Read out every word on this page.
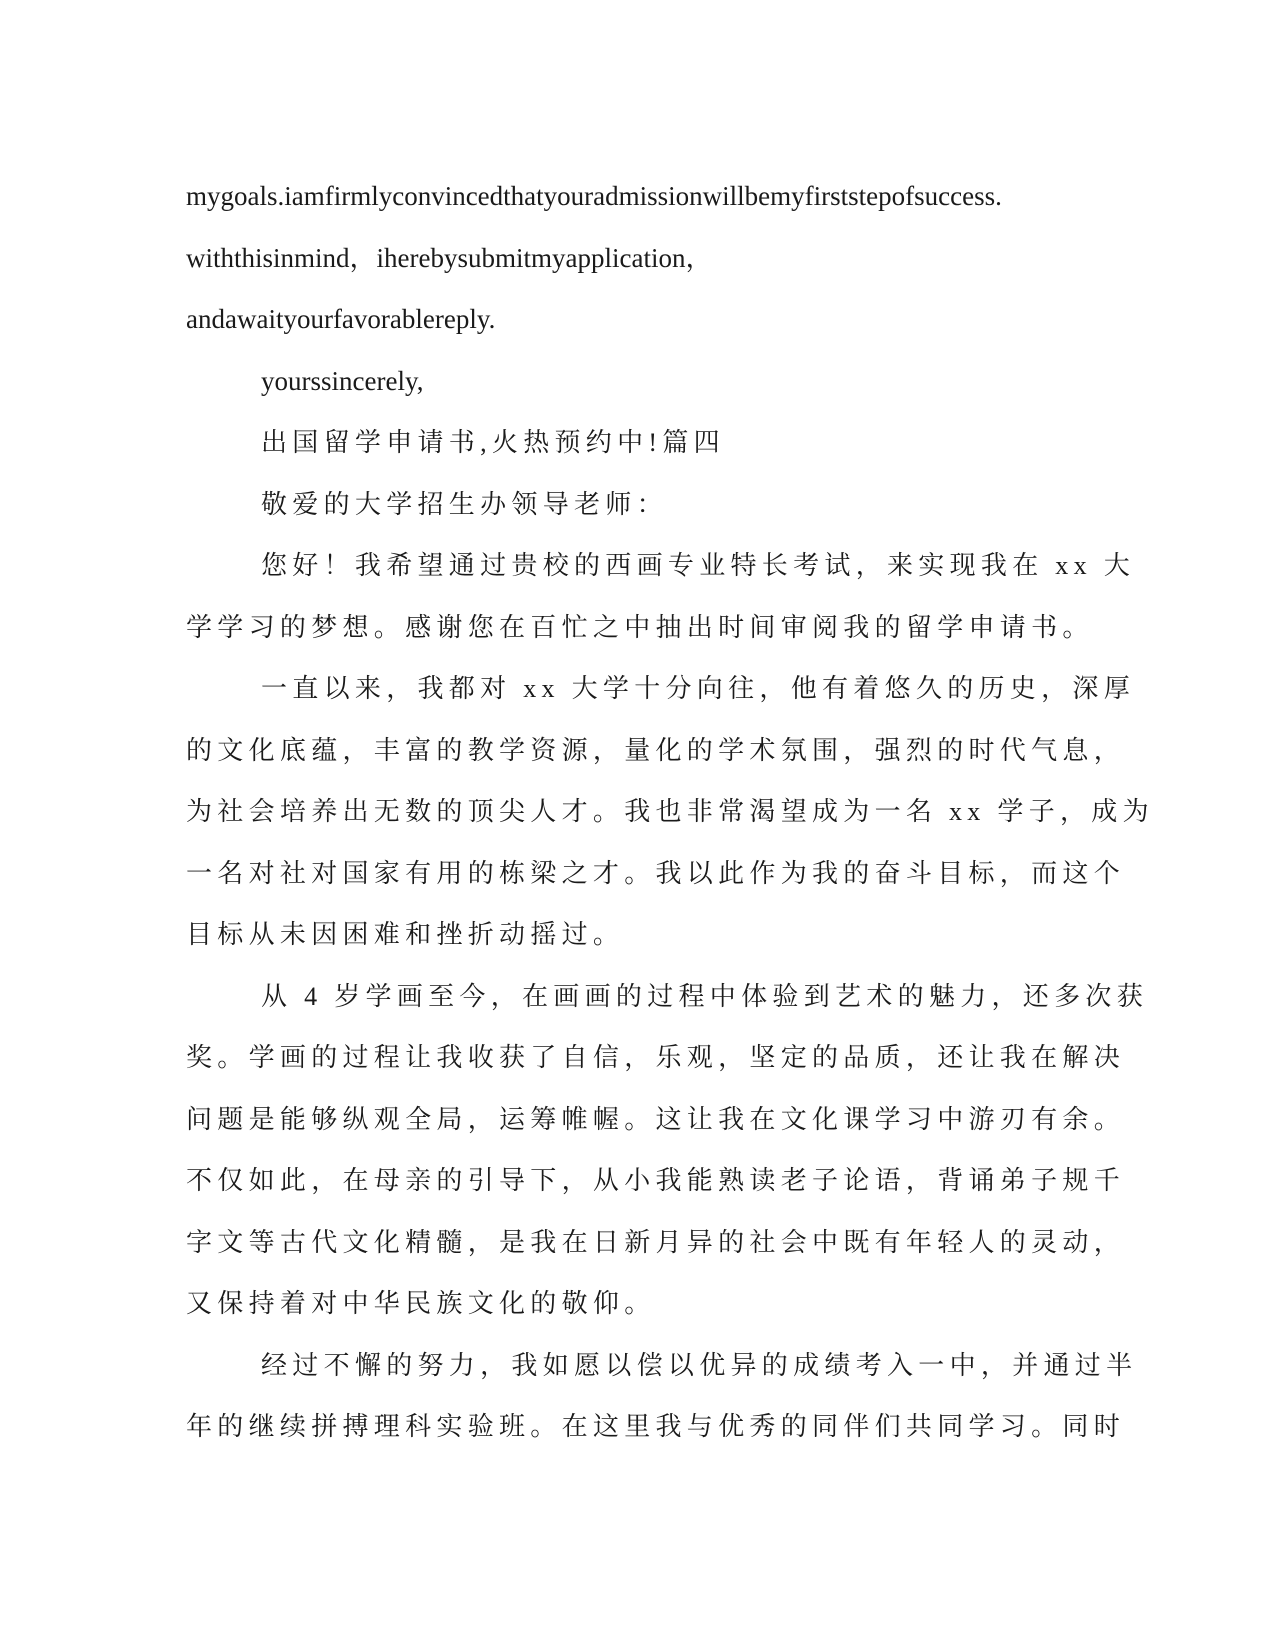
mygoals.iamfirmlyconvincedthatyouradmissionwillbemyfirststepofsuccess.
withthisinmind，iherebysubmitmyapplication，
andawaityourfavorablereply.
yourssincerely,
出国留学申请书,火热预约中!篇四
敬爱的大学招生办领导老师：
您好！我希望通过贵校的西画专业特长考试，来实现我在 xx 大
学学习的梦想。感谢您在百忙之中抽出时间审阅我的留学申请书。
一直以来，我都对 xx 大学十分向往，他有着悠久的历史，深厚
的文化底蕴，丰富的教学资源，量化的学术氛围，强烈的时代气息，
为社会培养出无数的顶尖人才。我也非常渴望成为一名 xx 学子，成为
一名对社对国家有用的栋梁之才。我以此作为我的奋斗目标，而这个
目标从未因困难和挫折动摇过。
从 4 岁学画至今，在画画的过程中体验到艺术的魅力，还多次获
奖。学画的过程让我收获了自信，乐观，坚定的品质，还让我在解决
问题是能够纵观全局，运筹帷幄。这让我在文化课学习中游刃有余。
不仅如此，在母亲的引导下，从小我能熟读老子论语，背诵弟子规千
字文等古代文化精髓，是我在日新月异的社会中既有年轻人的灵动，
又保持着对中华民族文化的敬仰。
经过不懈的努力，我如愿以偿以优异的成绩考入一中，并通过半
年的继续拼搏理科实验班。在这里我与优秀的同伴们共同学习。同时
